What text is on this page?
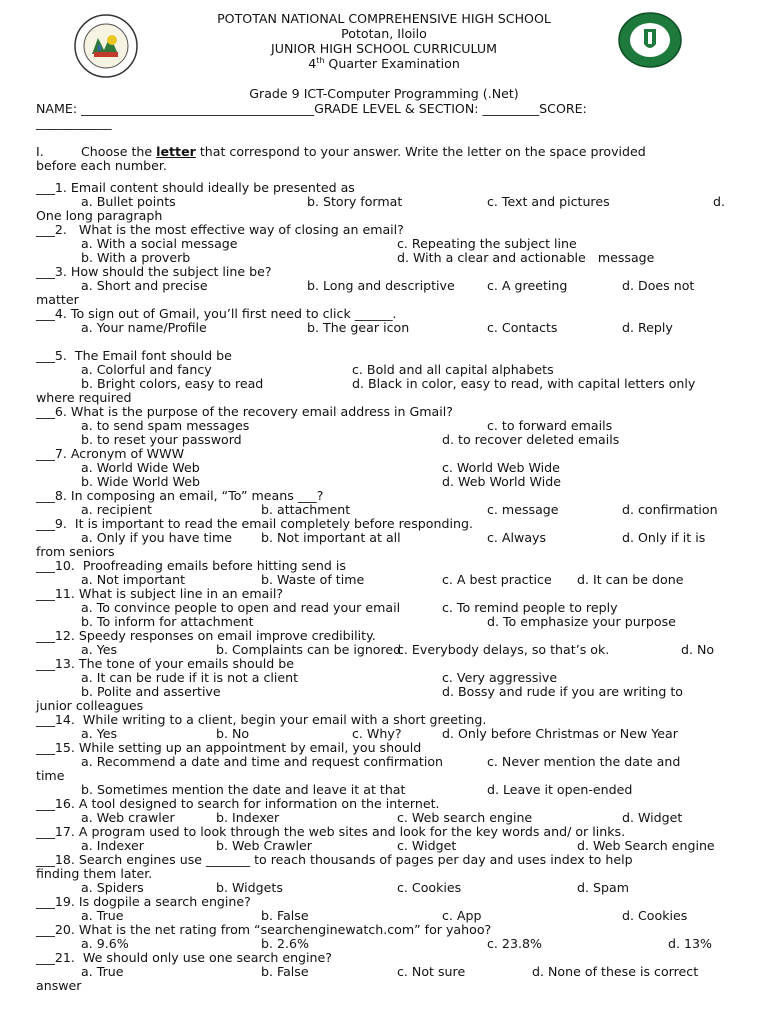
POTOTAN NATIONAL COMPREHENSIVE HIGH SCHOOL
Pototan, Iloilo
JUNIOR HIGH SCHOOL CURRICULUM
4th Quarter Examination
Grade 9 ICT-Computer Programming (.Net)
NAME: _____________________________________GRADE LEVEL & SECTION: _________SCORE:
____________
I.	Choose the letter that correspond to your answer. Write the letter on the space provided
before each number.
___1. Email content should ideally be presented as
a. Bullet points	b. Story format	c. Text and pictures	d.
One long paragraph
___2.   What is the most effective way of closing an email?
a. With a social message	c. Repeating the subject line
b. With a proverb	d. With a clear and actionable   message
___3. How should the subject line be?
a. Short and precise	b. Long and descriptive	c. A greeting	d. Does not
matter
___4. To sign out of Gmail, you’ll first need to click ______.
a. Your name/Profile	b. The gear icon	c. Contacts	d. Reply
___5.  The Email font should be
a. Colorful and fancy	c. Bold and all capital alphabets
b. Bright colors, easy to read	d. Black in color, easy to read, with capital letters only
where required
___6. What is the purpose of the recovery email address in Gmail?
a. to send spam messages	c. to forward emails
b. to reset your password	d. to recover deleted emails
___7. Acronym of WWW
a. World Wide Web	c. World Web Wide
b. Wide World Web	d. Web World Wide
___8. In composing an email, “To” means ___?
a. recipient	b. attachment	c. message	d. confirmation
___9.  It is important to read the email completely before responding.
a. Only if you have time b. Not important at all	c. Always	d. Only if it is
from seniors
___10.  Proofreading emails before hitting send is
a. Not important	b. Waste of time	c. A best practice d. It can be done
___11. What is subject line in an email?
a. To convince people to open and read your email	c. To remind people to reply
b. To inform for attachment	d. To emphasize your purpose
___12. Speedy responses on email improve credibility.
a. Yes	b. Complaints can be ignored
c. Everybody delays, so that’s ok.	d. No
___13. The tone of your emails should be
a. It can be rude if it is not a client	c. Very aggressive
b. Polite and assertive	d. Bossy and rude if you are writing to
junior colleagues
___14.  While writing to a client, begin your email with a short greeting.
a. Yes	b. No	c. Why?	d. Only before Christmas or New Year
___15. While setting up an appointment by email, you should
a. Recommend a date and time and request confirmation	c. Never mention the date and
time
b. Sometimes mention the date and leave it at that	d. Leave it open-ended
___16. A tool designed to search for information on the internet.
a. Web crawler	b. Indexer	c. Web search engine	d. Widget
___17. A program used to look through the web sites and look for the key words and/ or links.
a. Indexer	b. Web Crawler	c. Widget	d. Web Search engine
___18. Search engines use _______ to reach thousands of pages per day and uses index to help
finding them later.
a. Spiders	b. Widgets	c. Cookies	d. Spam
___19. Is dogpile a search engine?
a. True	b. False	c. App	d. Cookies
___20. What is the net rating from “searchenginewatch.com” for yahoo?
a. 9.6%	b. 2.6%	c. 23.8%	d. 13%
___21.  We should only use one search engine?
a. True	b. False	c. Not sure	d. None of these is correct
answer
